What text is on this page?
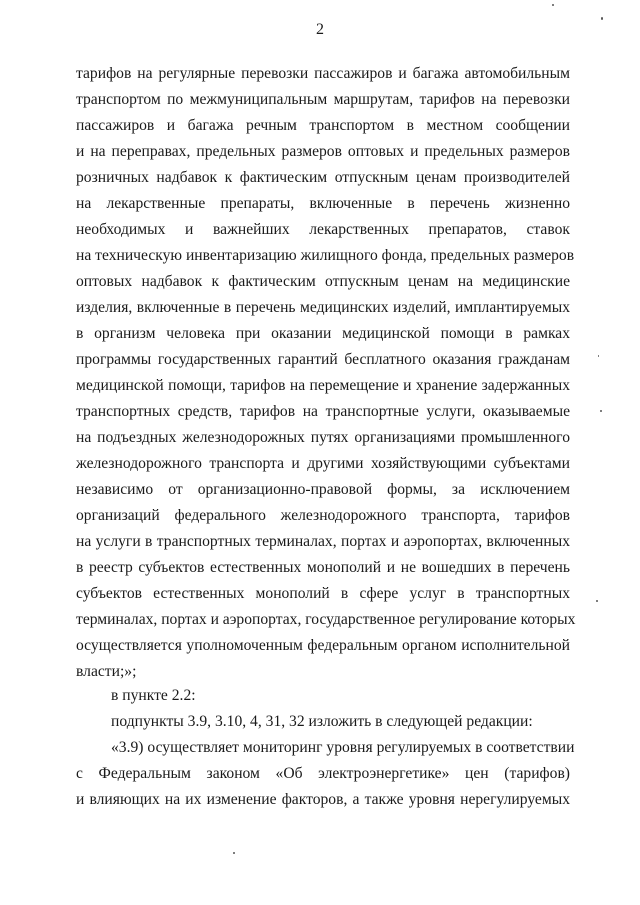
2
тарифов на регулярные перевозки пассажиров и багажа автомобильным
транспортом по межмуниципальным маршрутам, тарифов на перевозки
пассажиров и багажа речным транспортом в местном сообщении
и на переправах, предельных размеров оптовых и предельных размеров
розничных надбавок к фактическим отпускным ценам производителей
на лекарственные препараты, включенные в перечень жизненно
необходимых и важнейших лекарственных препаратов, ставок
на техническую инвентаризацию жилищного фонда, предельных размеров
оптовых надбавок к фактическим отпускным ценам на медицинские
изделия, включенные в перечень медицинских изделий, имплантируемых
в организм человека при оказании медицинской помощи в рамках
программы государственных гарантий бесплатного оказания гражданам
медицинской помощи, тарифов на перемещение и хранение задержанных
транспортных средств, тарифов на транспортные услуги, оказываемые
на подъездных железнодорожных путях организациями промышленного
железнодорожного транспорта и другими хозяйствующими субъектами
независимо от организационно-правовой формы, за исключением
организаций федерального железнодорожного транспорта, тарифов
на услуги в транспортных терминалах, портах и аэропортах, включенных
в реестр субъектов естественных монополий и не вошедших в перечень
субъектов естественных монополий в сфере услуг в транспортных
терминалах, портах и аэропортах, государственное регулирование которых
осуществляется уполномоченным федеральным органом исполнительной
власти;»;
в пункте 2.2:
подпункты 3.9, 3.10, 4, 31, 32 изложить в следующей редакции:
«3.9) осуществляет мониторинг уровня регулируемых в соответствии
с Федеральным законом «Об электроэнергетике» цен (тарифов)
и влияющих на их изменение факторов, а также уровня нерегулируемых
